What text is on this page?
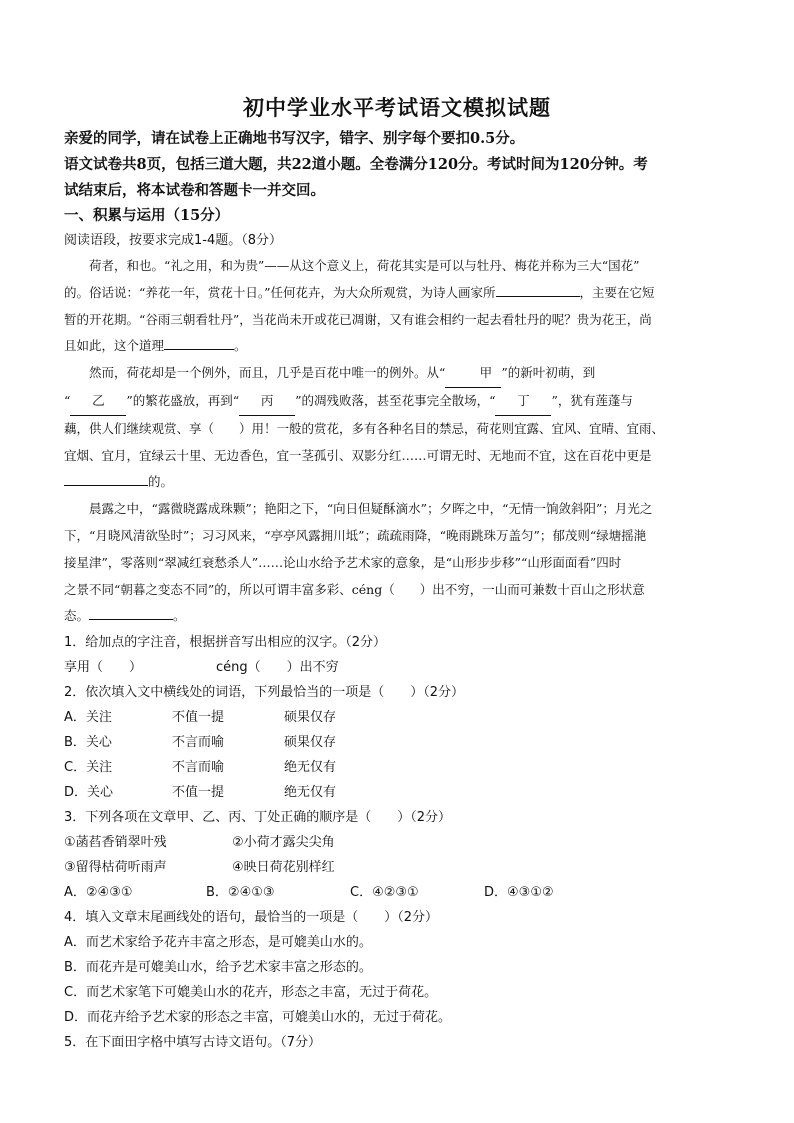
初中学业水平考试语文模拟试题

亲爱的同学，请在试卷上正确地书写汉字，错字、别字每个要扣0.5分。

语文试卷共8页，包括三道大题，共22道小题。全卷满分120分。考试时间为120分钟。考

试结束后，将本试卷和答题卡一并交回。

一、积累与运用（15分）

阅读语段，按要求完成1-4题。（8分）

荷者，和也。“礼之用，和为贵”——从这个意义上，荷花其实是可以与牡丹、梅花并称为三大“国花”

的。俗话说：“养花一年，赏花十日。”任何花卉，为大众所观赏，为诗人画家所	，主要在它短

暂的开花期。“谷雨三朝看牡丹”，当花尚未开或花已凋谢，又有谁会相约一起去看牡丹的呢？贵为花王，尚

且如此，这个道理	。

然而，荷花却是一个例外，而且，几乎是百花中唯一的例外。从“	甲 ”的新叶初萌，到

“ 乙 ”的繁花盛放，再到“ 丙 ”的凋残败落，甚至花事完全散场，“ 丁 ”，犹有莲蓬与

藕，供人们继续观赏、享（　　）用！一般的赏花，多有各种名目的禁忌，荷花则宜露、宜风、宜晴、宜雨、

宜烟、宜月，宜绿云十里、无边香色，宜一茎孤引、双影分红……可谓无时、无地而不宜，这在百花中更是

的。

晨露之中，“露微晓露成珠颗”；艳阳之下，“向日但疑酥滴水”；夕晖之中，“无情一饷敛斜阳”；月光之

下，“月晓风清欲坠时”；习习风来，“亭亭风露拥川坻”；疏疏雨降，“晚雨跳珠万盖匀”；郁茂则“绿塘摇滟

接星津”，零落则“翠减红衰愁杀人”……论山水给予艺术家的意象，是“山形步步移”“山形面面看”四时

之景不同“朝暮之变态不同”的，所以可谓丰富多彩、céng（　　）出不穷，一山而可兼数十百山之形状意

态。	。

1．给加点的字注音，根据拼音写出相应的汉字。（2分）

享用（　　）	céng（　　）出不穷

2．依次填入文中横线处的词语，下列最恰当的一项是（　　）（2分）

A．关注	不值一提	硕果仅存
B．关心	不言而喻	硕果仅存
C．关注	不言而喻	绝无仅有
D．关心	不值一提	绝无仅有

3．下列各项在文章甲、乙、丙、丁处正确的顺序是（　　）（2分）

①菡萏香销翠叶残	②小荷才露尖尖角
③留得枯荷听雨声	④映日荷花别样红
A．②④③①	B．②④①③	C．④②③①	D．④③①②

4．填入文章末尾画线处的语句，最恰当的一项是（　　）（2分）

A．而艺术家给予花卉丰富之形态，是可媲美山水的。

B．而花卉是可媲美山水，给予艺术家丰富之形态的。

C．而艺术家笔下可媲美山水的花卉，形态之丰富，无过于荷花。

D．而花卉给予艺术家的形态之丰富，可媲美山水的，无过于荷花。

5．在下面田字格中填写古诗文语句。（7分）
